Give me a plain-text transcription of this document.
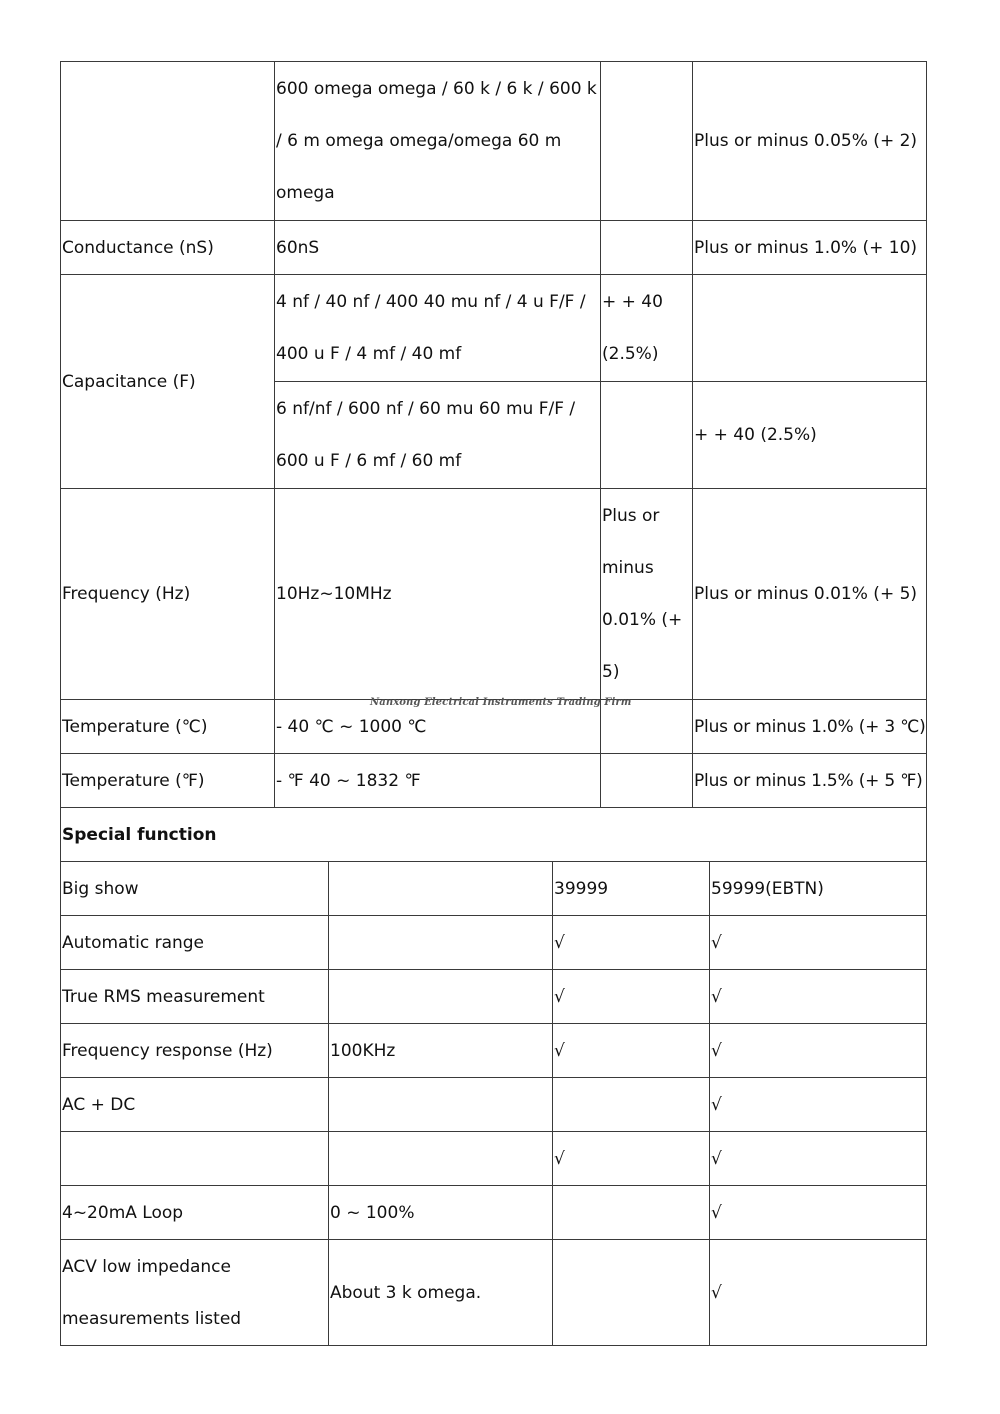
	600 omega omega / 60 k / 6 k / 600 k / 6 m omega omega/omega 60 m omega		Plus or minus 0.05% (+ 2)
Conductance (nS)	60nS		Plus or minus 1.0% (+ 10)
Capacitance (F)	4 nf / 40 nf / 400 40 mu nf / 4 u F/F / 400 u F / 4 mf / 40 mf	+ + 40 (2.5%)	
	6 nf/nf / 600 nf / 60 mu 60 mu F/F / 600 u F / 6 mf / 60 mf		+ + 40 (2.5%)
Frequency (Hz)	10Hz~10MHz	Plus or minus 0.01% (+ 5)	Plus or minus 0.01% (+ 5)
Temperature (℃)	- 40 ℃ ~ 1000 ℃		Plus or minus 1.0% (+ 3 ℃)
Temperature (℉)	- ℉ 40 ~ 1832 ℉		Plus or minus 1.5% (+ 5 ℉)
Special function			
Big show		39999	59999(EBTN)
Automatic range		√	√
True RMS measurement		√	√
Frequency response (Hz)	100KHz	√	√
AC + DC			√
		√	√
4~20mA Loop	0 ~ 100%		√
ACV low impedance measurements listed	About 3 k omega.		√
Nanxong Electrical Instruments Trading Firm
